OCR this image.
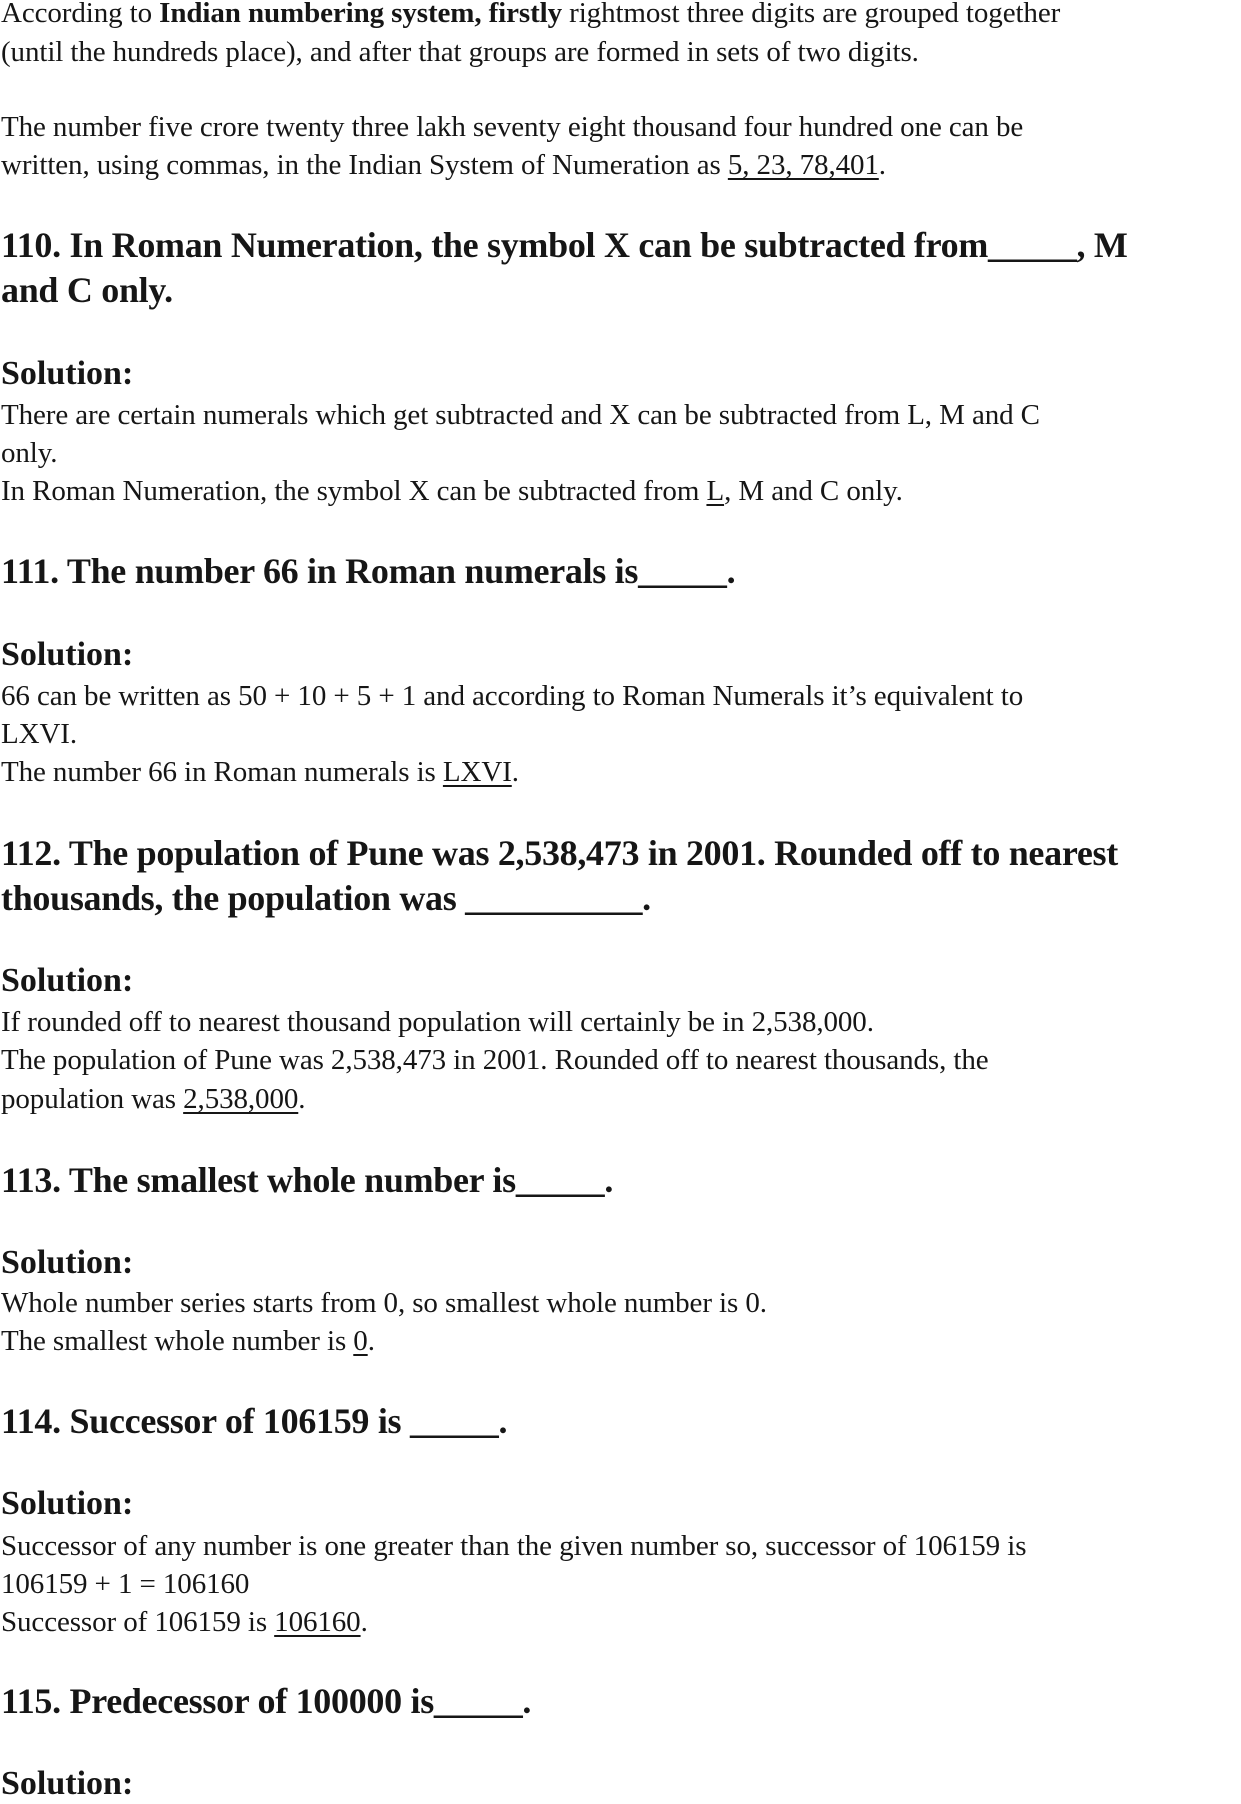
According to Indian numbering system, firstly rightmost three digits are grouped together
(until the hundreds place), and after that groups are formed in sets of two digits.
The number five crore twenty three lakh seventy eight thousand four hundred one can be
written, using commas, in the Indian System of Numeration as 5, 23, 78,401.
110. In Roman Numeration, the symbol X can be subtracted from_____, M
and C only.
Solution:
There are certain numerals which get subtracted and X can be subtracted from L, M and C
only.
In Roman Numeration, the symbol X can be subtracted from L, M and C only.
111. The number 66 in Roman numerals is_____.
Solution:
66 can be written as 50 + 10 + 5 + 1 and according to Roman Numerals it’s equivalent to
LXVI.
The number 66 in Roman numerals is LXVI.
112. The population of Pune was 2,538,473 in 2001. Rounded off to nearest
thousands, the population was __________.
Solution:
If rounded off to nearest thousand population will certainly be in 2,538,000.
The population of Pune was 2,538,473 in 2001. Rounded off to nearest thousands, the
population was 2,538,000.
113. The smallest whole number is_____.
Solution:
Whole number series starts from 0, so smallest whole number is 0.
The smallest whole number is 0.
114. Successor of 106159 is _____.
Solution:
Successor of any number is one greater than the given number so, successor of 106159 is
106159 + 1 = 106160
Successor of 106159 is 106160.
115. Predecessor of 100000 is_____.
Solution:
